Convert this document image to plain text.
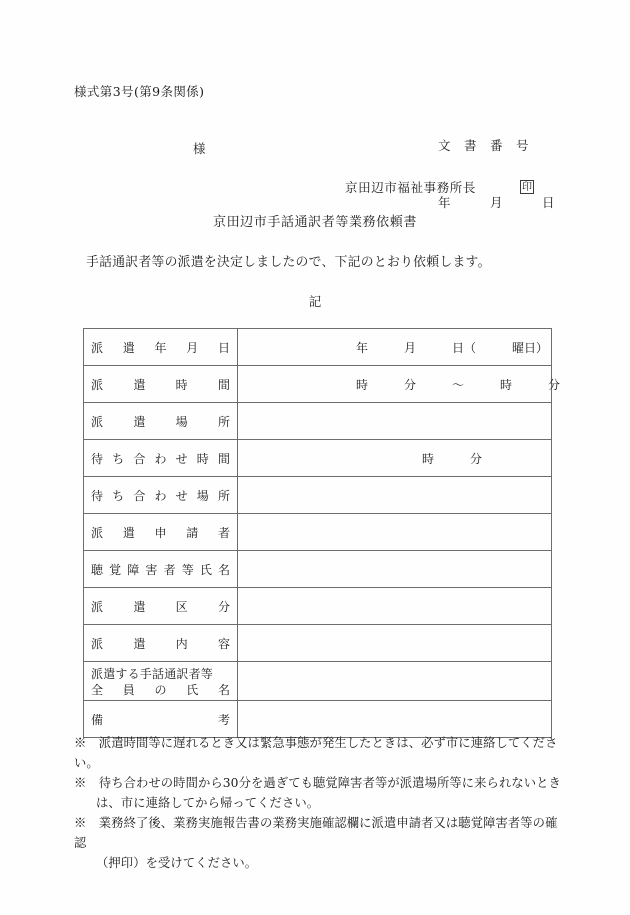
様式第3号(第9条関係)

文　書　番　号

年　　　月　　　日

様
京田辺市福祉事務所長	印
京田辺市手話通訳者等業務依頼書
手話通訳者等の派遣を決定しましたので、下記のとおり依頼します。
記
派 遣 年 月 日	年　　　月　　　日（　　　曜日）

派 遣 時 間	時　　　分　　　～　　　時　　　分

派 遣 場 所	

待 ち 合 わ せ 時 間	時　　　分

待 ち 合 わ せ 場 所

派 遣 申 請 者	

聴 覚 障 害 者 等 氏 名

派 遣 区 分	

派 遣 内 容	

派遣する手話通訳者等
全 員 の 氏 名

備 考	

※　派遣時間等に遅れるとき又は緊急事態が発生したときは、必ず市に連絡してください。
※　待ち合わせの時間から30分を過ぎても聴覚障害者等が派遣場所等に来られないとき
は、市に連絡してから帰ってください。
※　業務終了後、業務実施報告書の業務実施確認欄に派遣申請者又は聴覚障害者等の確認
（押印）を受けてください。
